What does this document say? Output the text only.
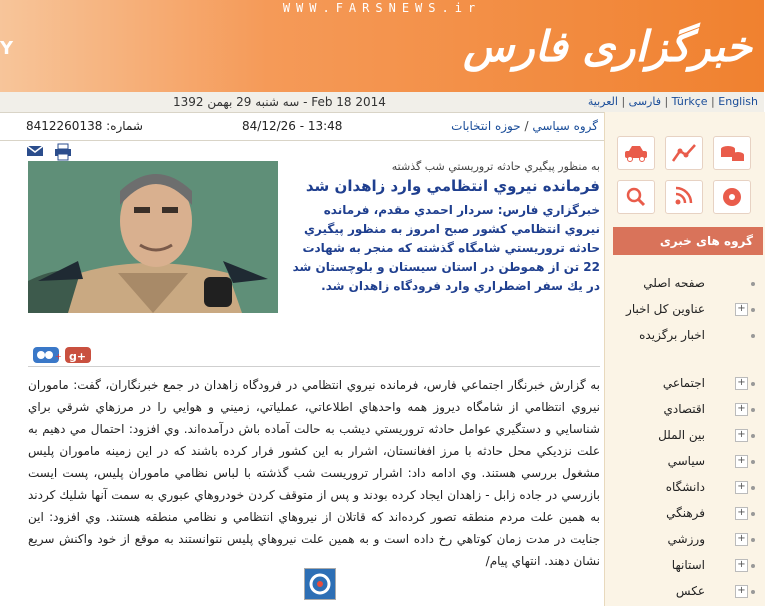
WWW.FARSNEWS.ir
Y	خبرگزاری فارس
سه شنبه 29 بهمن 1392 - Feb 18 2014	فارسی | العربية	| Türkçe | English
8412260138 :شماره	84/12/26 - 13:48	گروه سياسي / حوزه انتخابات

به منظور پيگيري حادثه تروريستي شب گذشته
فرمانده نيروي انتظامي وارد زاهدان شد
خبرگزاري فارس: سردار احمدي مقدم، فرمانده نيروي انتظامي كشور صبح امروز به منظور پيگيري حادثه تروريستي شامگاه گذشته كه منجر به شهادت 22 تن از هموطن در استان سيستان و بلوچستان شد در يك سفر اضطراري وارد فرودگاه زاهدان شد.
+
g+
به گزارش خبرنگار اجتماعي فارس، فرمانده نيروي انتظامي در فرودگاه زاهدان در جمع خبرنگاران، گفت: ماموران نيروي انتظامي از شامگاه ديروز همه واحدهاي اطلاعاتي، عملياتي، زميني و هوايي را در مرزهاي شرقي براي شناسايي و دستگيري عوامل حادثه تروريستي ديشب به حالت آماده باش درآمده‌اند. وي افزود: احتمال مي دهيم به علت نزديكي محل حادثه با مرز افغانستان، اشرار به اين كشور فرار كرده باشند كه در اين زمينه ماموران پليس مشغول بررسي هستند. وي ادامه داد: اشرار تروريست شب گذشته با لباس نظامي ماموران پليس، پست ايست بازرسي در جاده زابل - زاهدان ايجاد كرده بودند و پس از متوقف كردن خودروهاي عبوري به سمت آنها شليك كردند به همين علت مردم منطقه تصور كرده‌اند كه قاتلان از نيروهاي انتظامي و نظامي منطقه هستند. وي افزود: اين جنايت در مدت زمان كوتاهي رخ داده است و به همين علت نيروهاي پليس نتوانستند به موقع از خود واكنش سريع نشان دهند. انتهاي پيام/
گروه های خبری
صفحه اصلي
عناوين كل اخبار	+
اخبار برگزيده
اجتماعي	+
اقتصادي	+
بين الملل	+
سياسي	+
دانشگاه	+
فرهنگي	+
ورزشي	+
استانها	+
عكس	+
